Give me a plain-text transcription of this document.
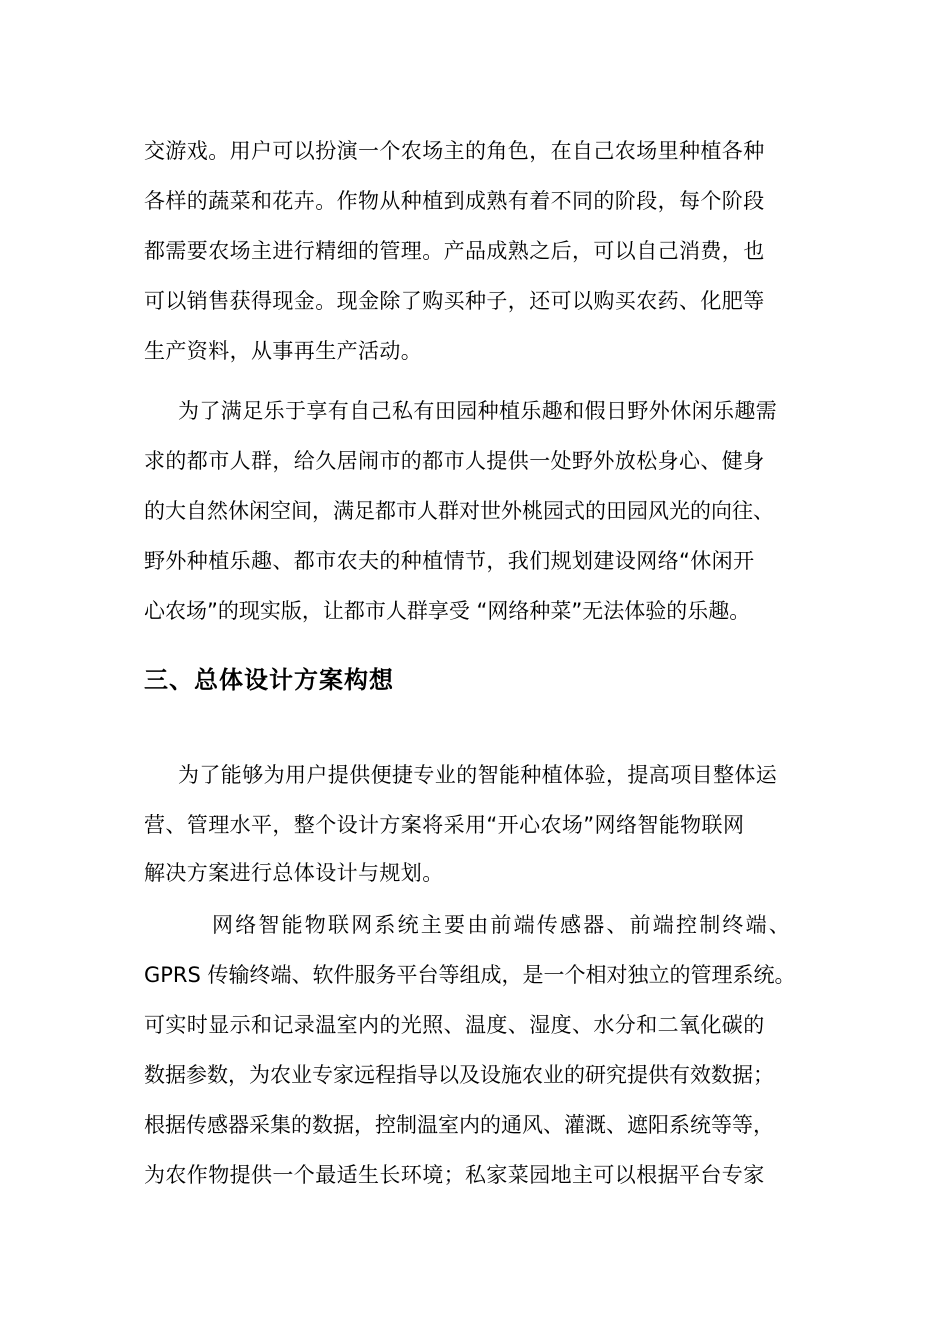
交游戏。用户可以扮演一个农场主的角色，在自己农场里种植各种
各样的蔬菜和花卉。作物从种植到成熟有着不同的阶段，每个阶段
都需要农场主进行精细的管理。产品成熟之后，可以自己消费，也
可以销售获得现金。现金除了购买种子，还可以购买农药、化肥等
生产资料，从事再生产活动。
为了满足乐于享有自己私有田园种植乐趣和假日野外休闲乐趣需
求的都市人群，给久居闹市的都市人提供一处野外放松身心、健身
的大自然休闲空间，满足都市人群对世外桃园式的田园风光的向往、
野外种植乐趣、都市农夫的种植情节，我们规划建设网络“休闲开
心农场”的现实版，让都市人群享受 “网络种菜”无法体验的乐趣。
三、总体设计方案构想
为了能够为用户提供便捷专业的智能种植体验，提高项目整体运
营、管理水平，整个设计方案将采用“开心农场”网络智能物联网
解决方案进行总体设计与规划。
网络智能物联网系统主要由前端传感器、前端控制终端、
GPRS 传输终端、软件服务平台等组成，是一个相对独立的管理系统。
可实时显示和记录温室内的光照、温度、湿度、水分和二氧化碳的
数据参数，为农业专家远程指导以及设施农业的研究提供有效数据；
根据传感器采集的数据，控制温室内的通风、灌溉、遮阳系统等等，
为农作物提供一个最适生长环境；私家菜园地主可以根据平台专家
